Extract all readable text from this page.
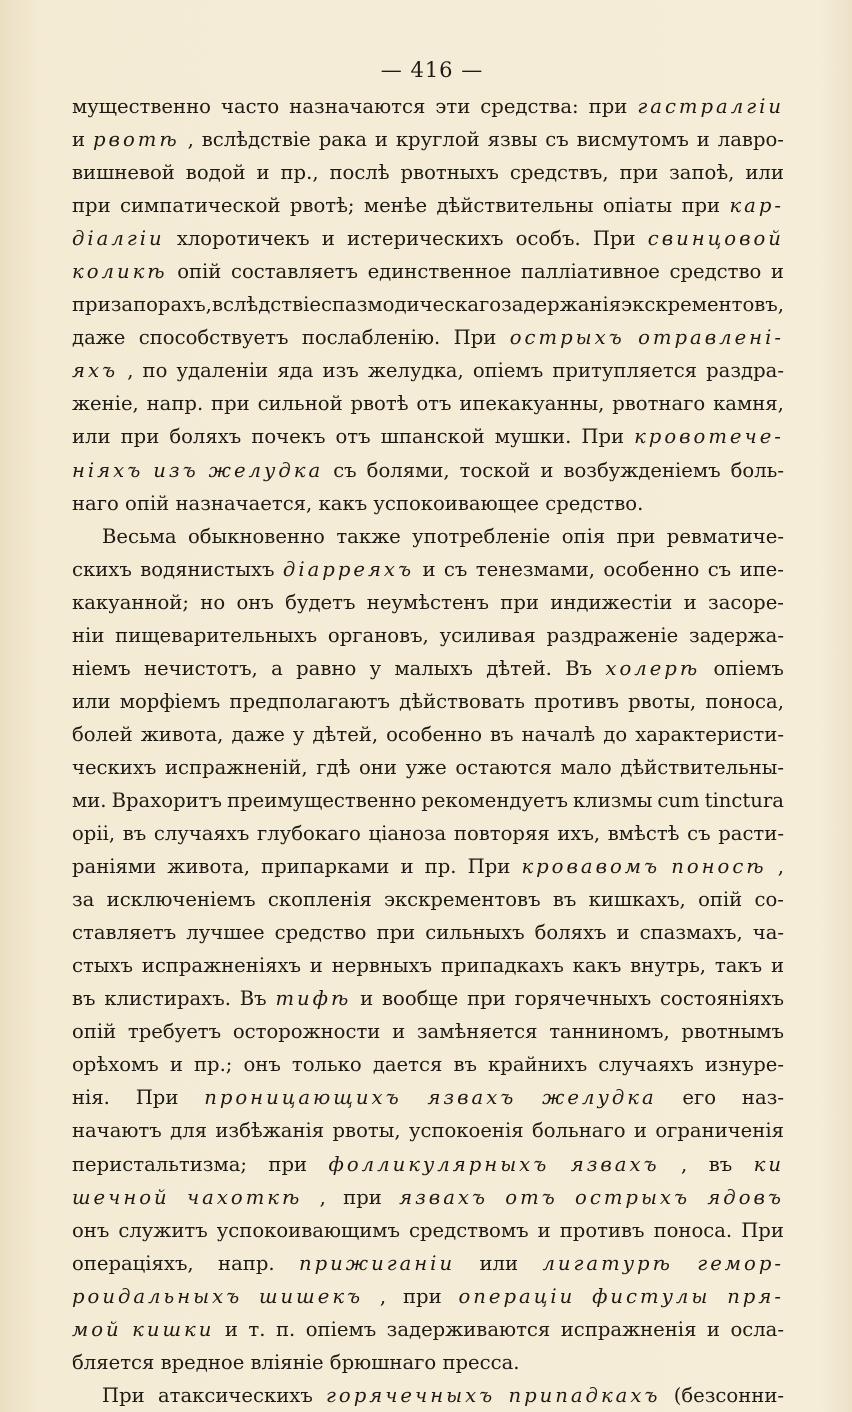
— 416 —
мущественно часто назначаются эти средства: при гастралгiи
и рвотѣ , вслѣдствiе рака и круглой язвы съ висмутомъ и лавро-
вишневой водой и пр., послѣ рвотныхъ средствъ, при запоѣ, или
при симпатической рвотѣ; менѣе дѣйствительны опiаты при кар-
дiалгiи хлоротичекъ и истерическихъ особъ. При свинцовой
коликѣ опiй составляетъ единственное паллiативное средство и
при запорахъ, вслѣдствiе спазмодическаго задержанiя экскрементовъ,
даже способствуетъ послабленiю. При острыхъ отравленi-
яхъ , по удаленiи яда изъ желудка, опiемъ притупляется раздра-
женiе, напр. при сильной рвотѣ отъ ипекакуанны, рвотнаго камня,
или при боляхъ почекъ отъ шпанской мушки. При кровотече-
нiяхъ изъ желудка съ болями, тоской и возбужденiемъ боль-
наго
опiй
назначается,
какъ
успокоивающее
средство.
Весьма обыкновенно также употребленiе опiя при ревматиче-
скихъ водянистыхъ дiарреяхъ и съ тенезмами, особенно съ ипе-
какуанной; но онъ будетъ неумѣстенъ при индижестiи и засоре-
нiи пищеварительныхъ органовъ, усиливая раздраженiе задержа-
нiемъ нечистотъ, а равно у малыхъ дѣтей. Въ холерѣ опiемъ
или морфiемъ предполагаютъ дѣйствовать противъ рвоты, поноса,
болей живота, даже у дѣтей, особенно въ началѣ до характеристи-
ческихъ испражненiй, гдѣ они уже остаются мало дѣйствительны-
ми. Врахоритъ преимущественно рекомендуетъ клизмы cum tinctura
opii, въ случаяхъ глубокаго цiаноза повторяя ихъ, вмѣстѣ съ расти-
ранiями живота, припарками и пр. При кровавомъ поносѣ ,
за исключенiемъ скопленiя экскрементовъ въ кишкахъ, опiй со-
ставляетъ лучшее средство при сильныхъ боляхъ и спазмахъ, ча-
стыхъ испражненiяхъ и нервныхъ припадкахъ какъ внутрь, такъ и
въ клистирахъ. Въ тифѣ и вообще при горячечныхъ состоянiяхъ
опiй требуетъ осторожности и замѣняется танниномъ, рвотнымъ
орѣхомъ и пр.; онъ только дается въ крайнихъ случаяхъ изнуре-
нiя. При проницающихъ язвахъ желудка его наз-
начаютъ для избѣжанiя рвоты, успокоенiя больнаго и ограниченiя
перистальтизма; при фолликулярныхъ язвахъ , въ ки
шечной чахоткѣ , при язвахъ отъ острыхъ ядовъ
онъ служитъ успокоивающимъ средствомъ и противъ поноса. При
операцiяхъ, напр. прижиганiи или лигатурѣ гемор-
роидальныхъ шишекъ , при операцiи фистулы пря-
мой кишки и т. п. опiемъ задерживаются испражненiя и осла-
бляется
вредное
влiянiе
брюшнаго
пресса.
При атаксическихъ горячечныхъ припадкахъ (безсонни-
